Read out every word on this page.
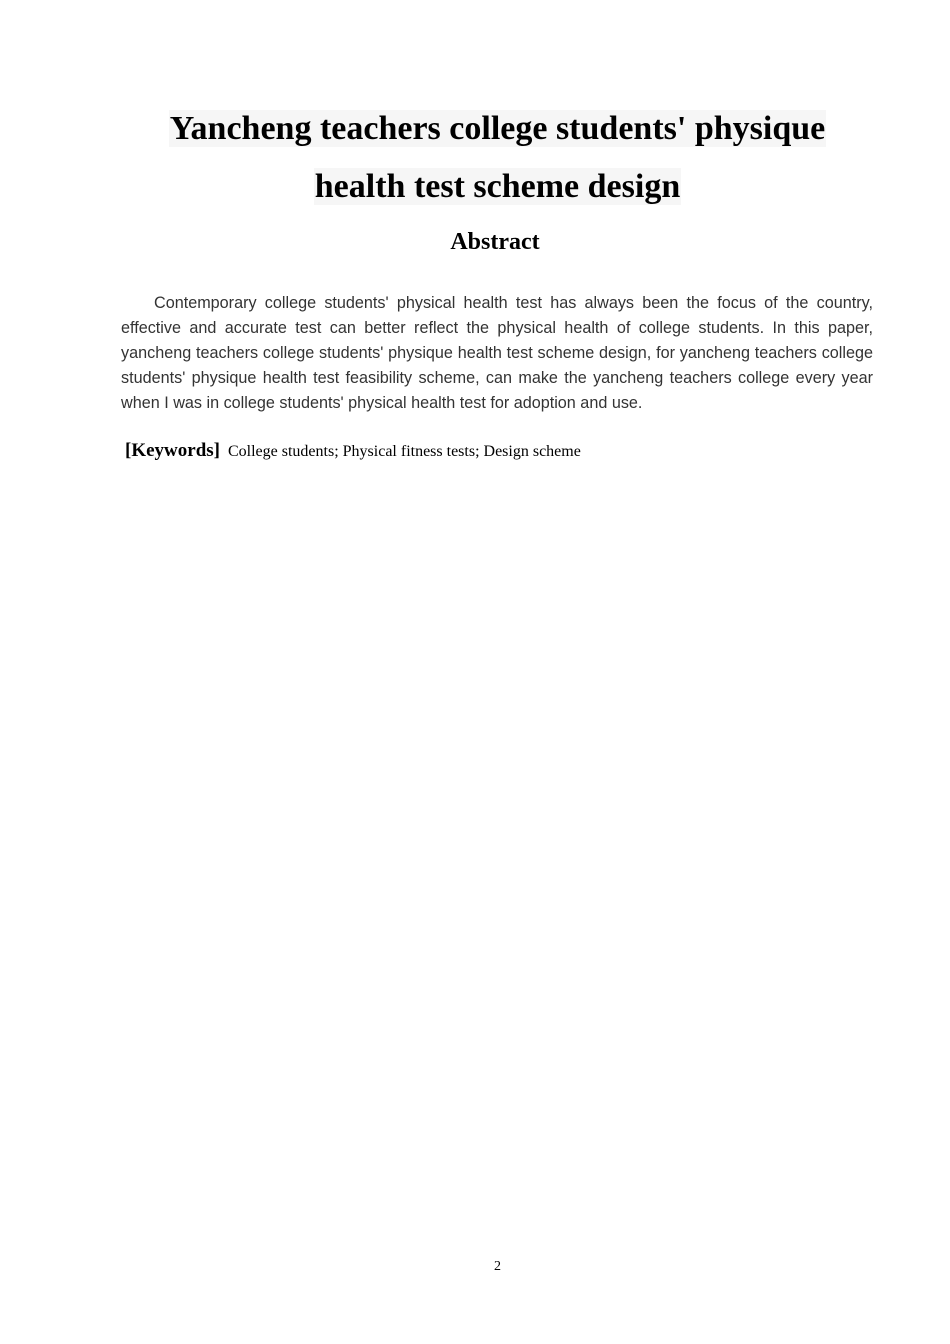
Yancheng teachers college students' physique
health test scheme design
Abstract

Contemporary college students' physical health test has always been the focus of the country, effective and accurate test can better reflect the physical health of college students. In this paper, yancheng teachers college students' physique health test scheme design, for yancheng teachers college students' physique health test feasibility scheme, can make the yancheng teachers college every year when I was in college students' physical health test for adoption and use.

[Keywords] College students; Physical fitness tests; Design scheme

2
